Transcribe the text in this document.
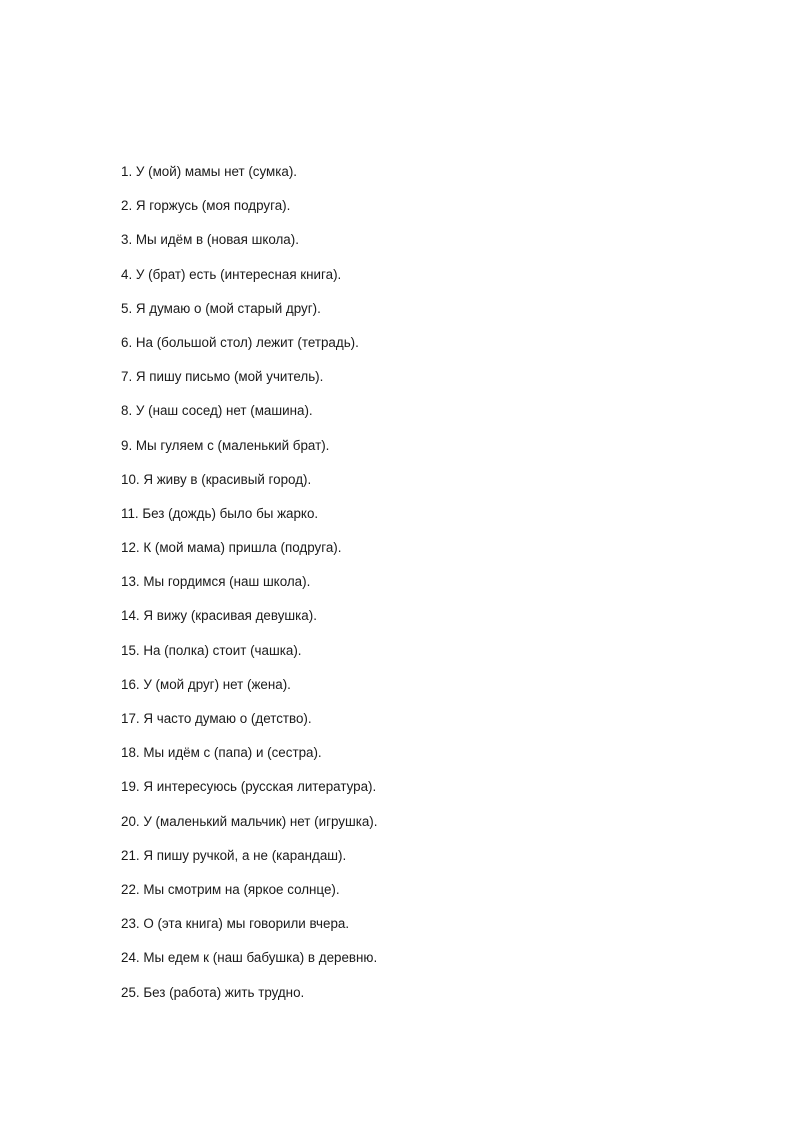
1. У (мой) мамы нет (сумка).
2. Я горжусь (моя подруга).
3. Мы идём в (новая школа).
4. У (брат) есть (интересная книга).
5. Я думаю о (мой старый друг).
6. На (большой стол) лежит (тетрадь).
7. Я пишу письмо (мой учитель).
8. У (наш сосед) нет (машина).
9. Мы гуляем с (маленький брат).
10. Я живу в (красивый город).
11. Без (дождь) было бы жарко.
12. К (мой мама) пришла (подруга).
13. Мы гордимся (наш школа).
14. Я вижу (красивая девушка).
15. На (полка) стоит (чашка).
16. У (мой друг) нет (жена).
17. Я часто думаю о (детство).
18. Мы идём с (папа) и (сестра).
19. Я интересуюсь (русская литература).
20. У (маленький мальчик) нет (игрушка).
21. Я пишу ручкой, а не (карандаш).
22. Мы смотрим на (яркое солнце).
23. О (эта книга) мы говорили вчера.
24. Мы едем к (наш бабушка) в деревню.
25. Без (работа) жить трудно.
